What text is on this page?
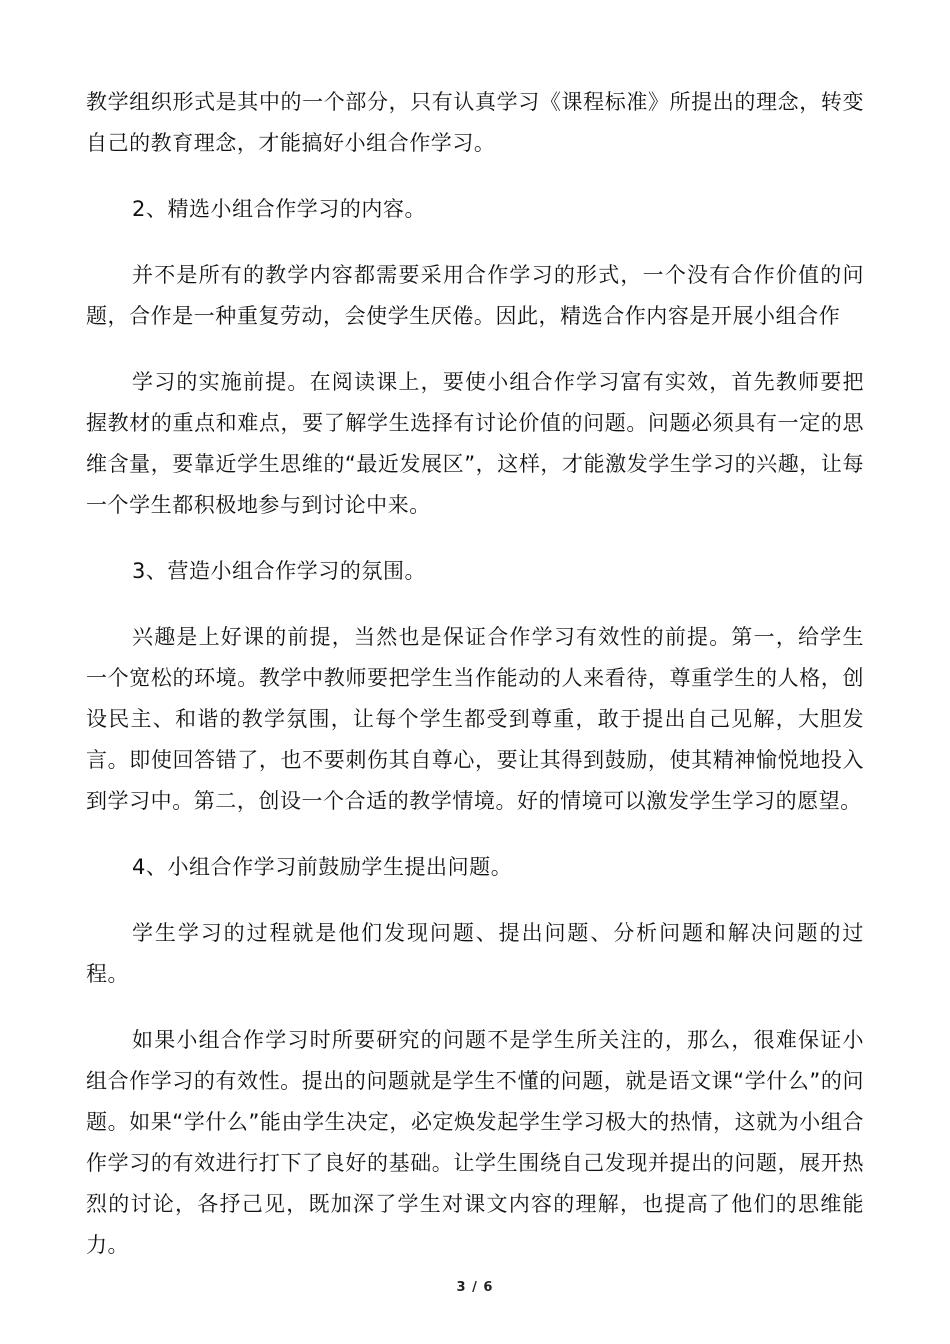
教学组织形式是其中的一个部分，只有认真学习《课程标准》所提出的理念，转变自己的教育理念，才能搞好小组合作学习。

2、精选小组合作学习的内容。

并不是所有的教学内容都需要采用合作学习的形式，一个没有合作价值的问题，合作是一种重复劳动，会使学生厌倦。因此，精选合作内容是开展小组合作

学习的实施前提。在阅读课上，要使小组合作学习富有实效，首先教师要把握教材的重点和难点，要了解学生选择有讨论价值的问题。问题必须具有一定的思维含量，要靠近学生思维的“最近发展区”，这样，才能激发学生学习的兴趣，让每一个学生都积极地参与到讨论中来。

3、营造小组合作学习的氛围。

兴趣是上好课的前提，当然也是保证合作学习有效性的前提。第一，给学生一个宽松的环境。教学中教师要把学生当作能动的人来看待，尊重学生的人格，创设民主、和谐的教学氛围，让每个学生都受到尊重，敢于提出自己见解，大胆发言。即使回答错了，也不要刺伤其自尊心，要让其得到鼓励，使其精神愉悦地投入到学习中。第二，创设一个合适的教学情境。好的情境可以激发学生学习的愿望。

4、小组合作学习前鼓励学生提出问题。

学生学习的过程就是他们发现问题、提出问题、分析问题和解决问题的过程。

如果小组合作学习时所要研究的问题不是学生所关注的，那么，很难保证小组合作学习的有效性。提出的问题就是学生不懂的问题，就是语文课“学什么”的问题。如果“学什么”能由学生决定，必定焕发起学生学习极大的热情，这就为小组合作学习的有效进行打下了良好的基础。让学生围绕自己发现并提出的问题，展开热烈的讨论，各抒己见，既加深了学生对课文内容的理解，也提高了他们的思维能力。

3 / 6
